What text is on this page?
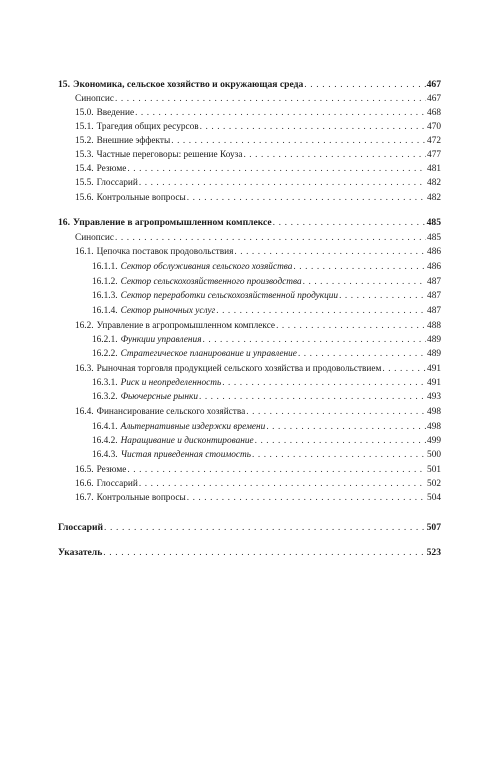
15. Экономика, сельское хозяйство и окружающая среда . . .	467
Синопсис . . .	467
15.0. Введение . . .	468
15.1. Трагедия общих ресурсов . . .	470
15.2. Внешние эффекты . . .	472
15.3. Частные переговоры: решение Коуза . . .	477
15.4. Резюме . . .	481
15.5. Глоссарий . . .	482
15.6. Контрольные вопросы . . .	482
16. Управление в агропромышленном комплексе . . .	485
Синопсис . . .	485
16.1. Цепочка поставок продовольствия . . .	486
16.1.1. Сектор обслуживания сельского хозяйства . . .	486
16.1.2. Сектор сельскохозяйственного производства . . .	487
16.1.3. Сектор переработки сельскохозяйственной продукции . . .	487
16.1.4. Сектор рыночных услуг . . .	487
16.2. Управление в агропромышленном комплексе . . .	488
16.2.1. Функции управления . . .	489
16.2.2. Стратегическое планирование и управление . . .	489
16.3. Рыночная торговля продукцией сельского хозяйства и продовольствием . . .	491
16.3.1. Риск и неопределенность . . .	491
16.3.2. Фьючерсные рынки . . .	493
16.4. Финансирование сельского хозяйства . . .	498
16.4.1. Альтернативные издержки времени . . .	498
16.4.2. Наращивание и дисконтирование . . .	499
16.4.3. Чистая приведенная стоимость . . .	500
16.5. Резюме . . .	501
16.6. Глоссарий . . .	502
16.7. Контрольные вопросы . . .	504
Глоссарий . . .	507
Указатель . . .	523
